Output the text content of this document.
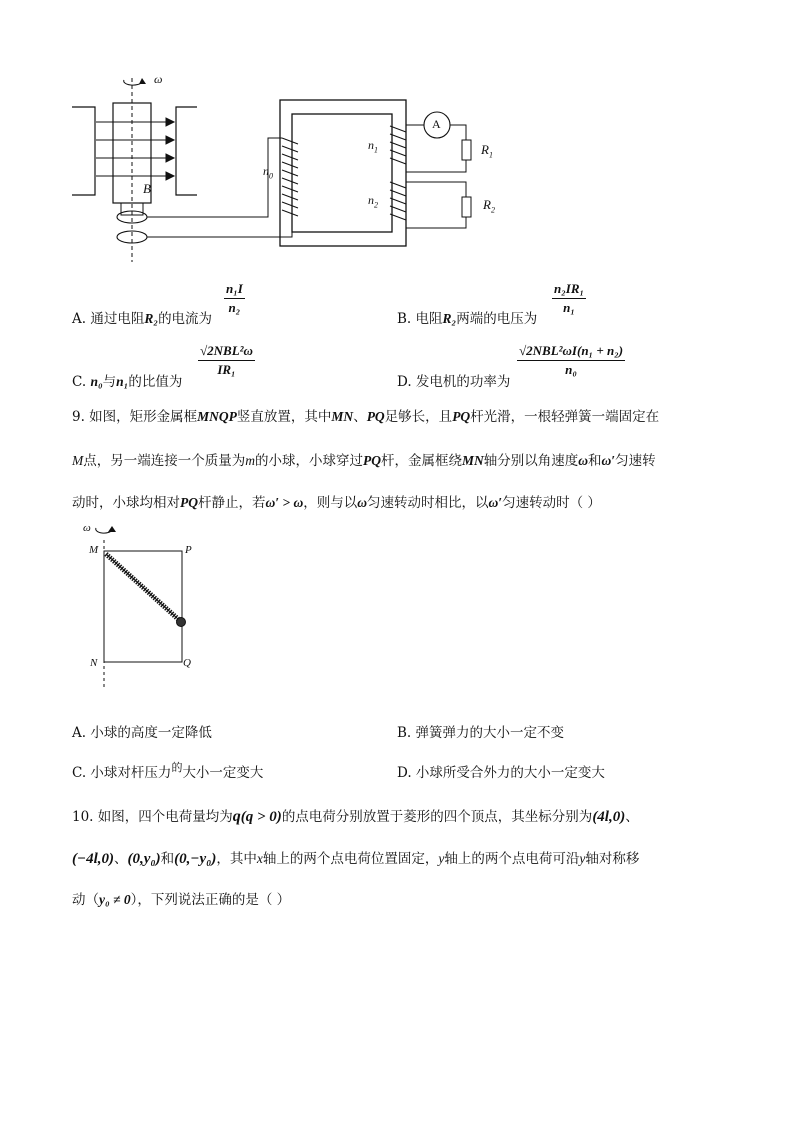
ω
B
A
$n_0$
$n_1$
$n_2$
$R_1$
$R_2$
A. 通过电阻R₂的电流为
$\frac{\text{n₁I}}{\text{n₂}}$
B. 电阻R₂两端的电压为
$\frac{\text{n₂IR₁}}{\text{n₁}}$
C. n₀与n₁的比值为
√2NBL²ω
IR₁
D. 发电机的功率为
√2NBL²ωI(n₁ + n₂)
n₀
9. 如图，矩形金属框MNQP竖直放置，其中MN、PQ足够长，且PQ杆光滑，一根轻弹簧一端固定在
M点，另一端连接一个质量为m的小球，小球穿过PQ杆，金属框绕MN轴分别以角速度ω和ω′匀速转
动时，小球均相对PQ杆静止，若ω′ > ω，则与以ω匀速转动时相比，以ω′匀速转动时（ ）
ω
M	P
N	Q
A. 小球的高度一定降低	B. 弹簧弹力的大小一定不变
C. 小球对杆压力$^的$大小一定变大	D. 小球所受合外力的大小一定变大
10. 如图，四个电荷量均为q(q > 0)的点电荷分别放置于菱形的四个顶点，其坐标分别为(4l,0)、
(−4l,0)、(0,y₀)和(0,−y₀)，其中x轴上的两个点电荷位置固定，y轴上的两个点电荷可沿y轴对称移
动（y₀ ≠ 0），下列说法正确的是（ ）
